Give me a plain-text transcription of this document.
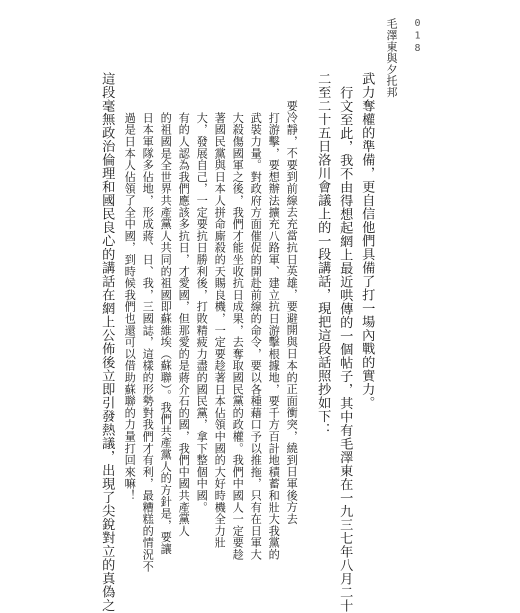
018
毛澤東與夕托邦
武力奪權的準備，更自信他們具備了打一場內戰的實力。
行文至此，我不由得想起網上最近哄傳的一個帖子，其中有毛澤東在一九三七年八月二十
二至二十五日洛川會議上的一段講話，現把這段話照抄如下：
要冷靜，不要到前線去充當抗日英雄，要避開與日本的正面衝突，繞到日軍後方去
打游擊，要想辦法擴充八路軍、建立抗日游擊根據地，要千方百計地積蓄和壯大我黨的
武裝力量。對政府方面催促的開赴前線的命令，要以各種藉口予以推拖，只有在日軍大
大殺傷國軍之後，我們才能坐收抗日成果，去奪取國民黨的政權。我們中國人一定要趁
著國民黨與日本人拼命廝殺的天賜良機，一定要趁著日本佔領中國的大好時機全力壯
大，發展自己，一定要抗日勝利後，打敗精疲力盡的國民黨，拿下整個中國。
有的人認為我們應該多抗日，才愛國，但那愛的是蔣介石的國，我們中國共產黨人
的祖國是全世界共產黨人共同的祖國即蘇維埃（蘇聯）。我們共產黨人的方針是，要讓
日本軍隊多佔地，形成蔣、日、我，三國誌，這樣的形勢對我們才有利，最糟糕的情況不
過是日本人佔領了全中國，到時候我們也還可以借助蘇聯的力量打回來嘛！
這段毫無政治倫理和國民良心的講話在網上公佈後立即引發熱議，出現了尖銳對立的真偽之
